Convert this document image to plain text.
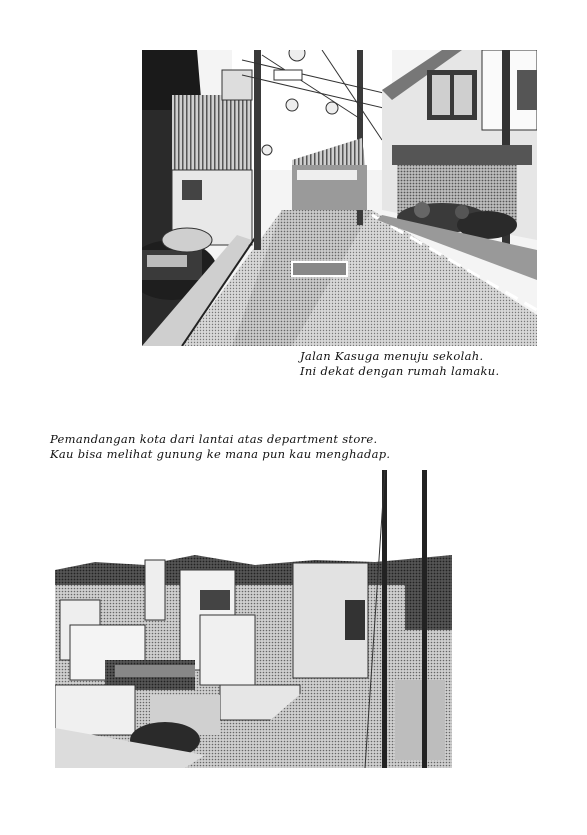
Jalan Kasuga menuju sekolah.
Ini dekat dengan rumah lamaku.
Pemandangan kota dari lantai atas department store.
Kau bisa melihat gunung ke mana pun kau menghadap.
